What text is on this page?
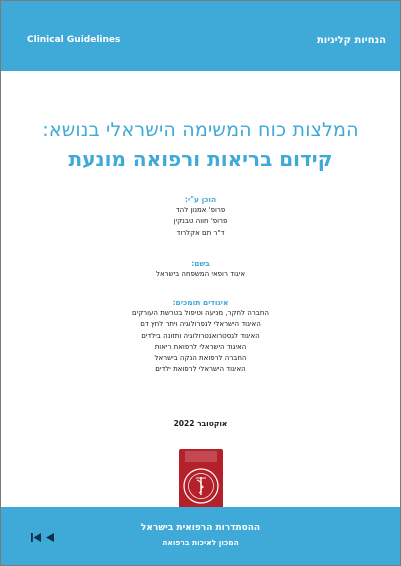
Clinical Guidelines	הנחיות קליניות
המלצות כוח המשימה הישראלי בנושא:
קידום בריאות ורפואה מונעת
הוכן ע"י:
פרופ' אמנון להד
פרופ' חווה טבנקין
ד"ר תם אקלרוד
בשם:
איגוד רופאי המשפחה בישראל
איגודים תומכים:
החברה לחקר, מניעה וטיפול בטרשת העורקים
האיגוד הישראלי לנפרולוגיה ויתר לחץ דם
האיגוד לגסטרואנטרולוגיה ותזונה בילדים
האיגוד הישראלי לרפואת ריאות
החברה לרפואת הנקה בישראל
האיגוד הישראלי לרפואת ילדים
אוקטובר 2022
ההסתדרות הרפואית בישראל
המכון לאיכות ברפואה
